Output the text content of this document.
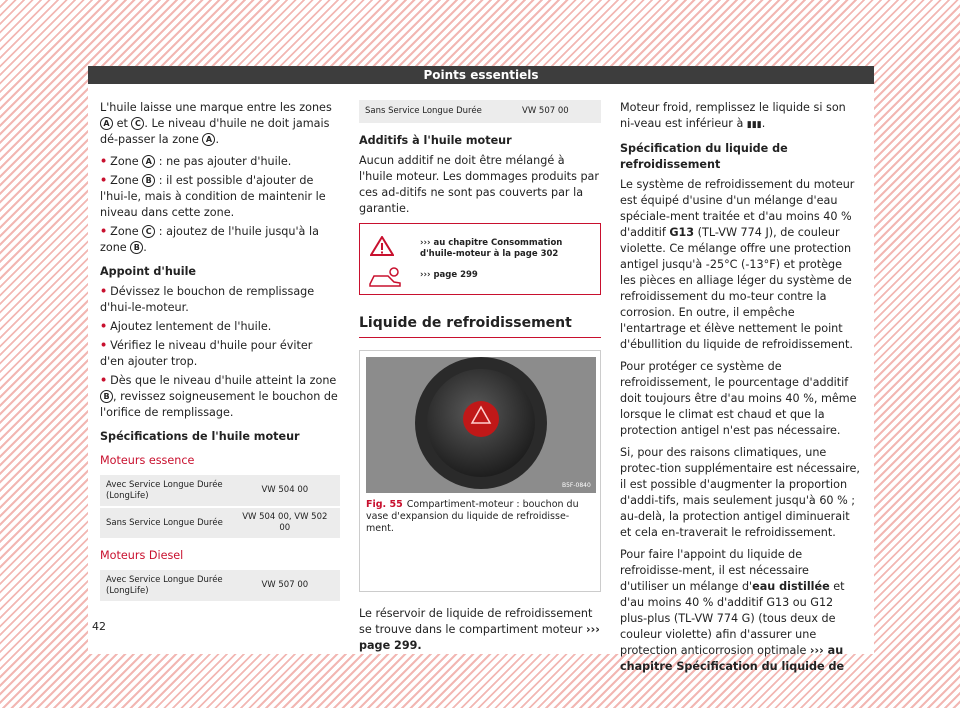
Points essentiels

L'huile laisse une marque entre les zones A et C . Le niveau d'huile ne doit jamais dé-passer la zone A .

• Zone A : ne pas ajouter d'huile.
• Zone B : il est possible d'ajouter de l'hui-le, mais à condition de maintenir le niveau dans cette zone.
• Zone C : ajoutez de l'huile jusqu'à la zone B .
Appoint d'huile
• Dévissez le bouchon de remplissage d'hui-le-moteur.
• Ajoutez lentement de l'huile.
• Vérifiez le niveau d'huile pour éviter d'en ajouter trop.
• Dès que le niveau d'huile atteint la zone B , revissez soigneusement le bouchon de l'orifice de remplissage.
Spécifications de l'huile moteur
Moteurs essence
Avec Service Longue Durée (LongLife)	VW 504 00
Sans Service Longue Durée	VW 504 00, VW 502 00
Moteurs Diesel
Avec Service Longue Durée (LongLife)	VW 507 00
Sans Service Longue Durée	VW 507 00
Additifs à l'huile moteur

Aucun additif ne doit être mélangé à l'huile moteur. Les dommages produits par ces ad-ditifs ne sont pas couverts par la garantie.

››› au chapitre Consommation d'huile-moteur à la page 302
››› page 299
Liquide de refroidissement
B5F-0840
Fig. 55 Compartiment-moteur : bouchon du vase d'expansion du liquide de refroidisse-ment.

Le réservoir de liquide de refroidissement se trouve dans le compartiment moteur ››› page 299.

Moteur froid, remplissez le liquide si son ni-veau est inférieur à ▮▮▮.

Spécification du liquide de refroidissement

Le système de refroidissement du moteur est équipé d'usine d'un mélange d'eau spéciale-ment traitée et d'au moins 40 % d'additif G13 (TL-VW 774 J), de couleur violette. Ce mélange offre une protection antigel jusqu'à -25°C (-13°F) et protège les pièces en alliage léger du système de refroidissement du mo-teur contre la corrosion. En outre, il empêche l'entartrage et élève nettement le point d'ébullition du liquide de refroidissement.

Pour protéger ce système de refroidissement, le pourcentage d'additif doit toujours être d'au moins 40 %, même lorsque le climat est chaud et que la protection antigel n'est pas nécessaire.

Si, pour des raisons climatiques, une protec-tion supplémentaire est nécessaire, il est possible d'augmenter la proportion d'addi-tifs, mais seulement jusqu'à 60 % ; au-delà, la protection antigel diminuerait et cela en-traverait le refroidissement.

Pour faire l'appoint du liquide de refroidisse-ment, il est nécessaire d'utiliser un mélange d'eau distillée et d'au moins 40 % d'additif G13 ou G12 plus-plus (TL-VW 774 G) (tous deux de couleur violette) afin d'assurer une protection anticorrosion optimale ››› au chapitre Spécification du liquide de

42
